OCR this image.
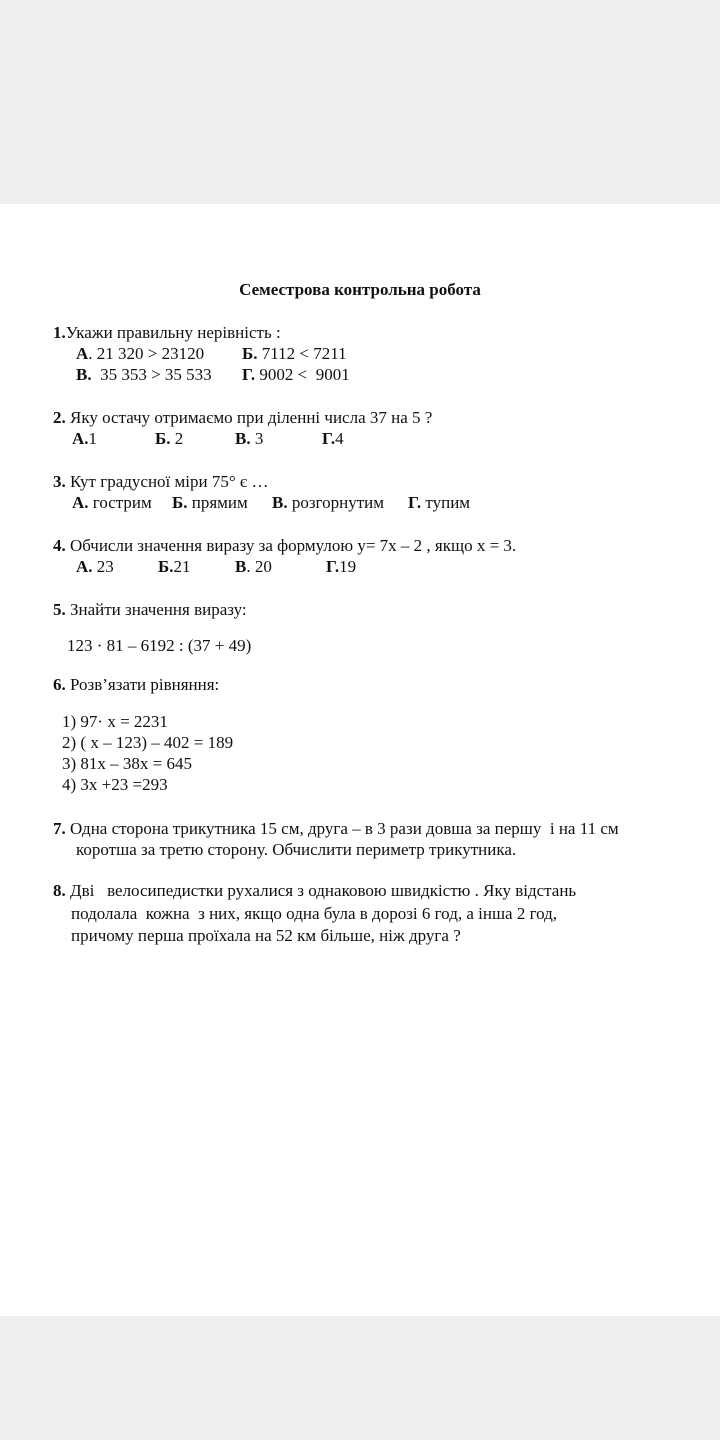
Семестрова контрольна робота
1.Укажи правильну нерівність :
А. 21 320 > 23120 Б. 7112 < 7211
В.  35 353 > 35 533 Г. 9002 <  9001
2. Яку остачу отримаємо при діленні числа 37 на 5 ?
А.1	Б. 2	В. 3	Г.4
3. Кут градусної міри 75° є …
А. гострим Б. прямим В. розгорнутим Г. тупим
4. Обчисли значення виразу за формулою y= 7x – 2 , якщо х = 3.
А. 23	Б.21	В. 20	Г.19
5. Знайти значення виразу:
123 · 81 – 6192 : (37 + 49)
6. Розв’язати рівняння:
1) 97· х = 2231
2) ( х – 123) – 402 = 189
3) 81х – 38х = 645
4) 3х +23 =293
7. Одна сторона трикутника 15 см, друга – в 3 рази довша за першу  і на 11 см
коротша за третю сторону. Обчислити периметр трикутника.
8. Дві   велосипедистки рухалися з однаковою швидкістю . Яку відстань
подолала  кожна  з них, якщо одна була в дорозі 6 год, а інша 2 год,
причому перша проїхала на 52 км більше, ніж друга ?
